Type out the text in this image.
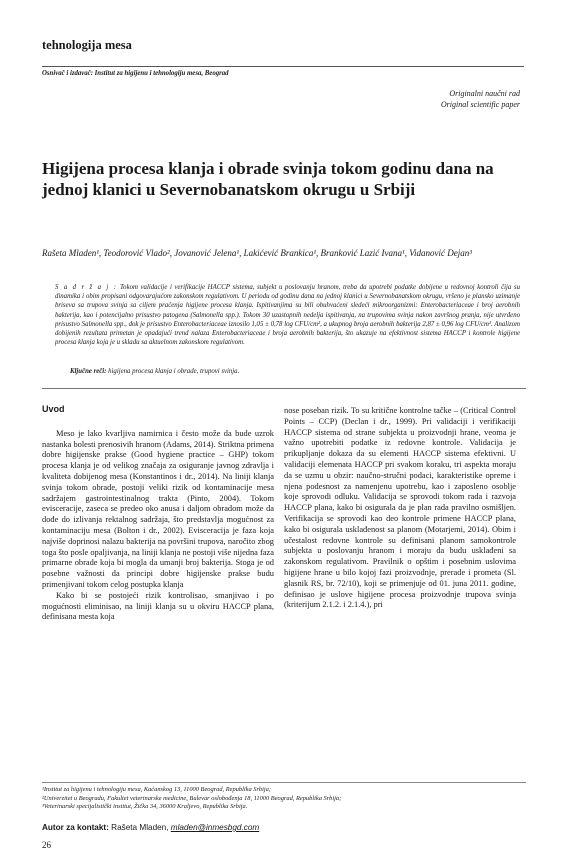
tehnologija mesa
Osnivač i izdavač: Institut za higijenu i tehnologiju mesa, Beograd
Originalni naučni rad
Original scientific paper
Higijena procesa klanja i obrade svinja tokom godinu dana na jednoj klanici u Severnobanatskom okrugu u Srbiji
Rašeta Mladen¹, Teodorović Vlado², Jovanović Jelena¹, Lakićević Brankica¹, Branković Lazić Ivana¹, Vidanović Dejan³
S a d r ž a j : Tokom validacije i verifikacije HACCP sistema, subjekt u poslovanju hranom, treba da upotrebi podatke dobijene u redovnoj kontroli čija su dinamika i obim propisani odgovarajućom zakonskom regulativom. U periodu od godinu dana na jednoj klanici u Severnobanatskom okrugu, vršeno je plansko uzimanje briseva sa trupova svinja sa ciljem praćenja higijene procesa klanja. Ispitivanjima su bili obuhvaćeni sledeći mikroorganizmi: Enterobacteriaceae i broj aerobnih bakterija, kao i potencijalno prisustvo patogena (Salmonella spp.). Tokom 30 uzastopnih nedelja ispitivanja, na trupovima svinja nakon završnog pranja, nije utvrđeno prisustvo Salmonella spp., dok je prisustvo Enterobacteriaceae iznosilo 1,05 ± 0,78 log CFU/cm², a ukupnog broja aerobnih bakterija 2,87 ± 0,96 log CFU/cm². Analizom dobijenih rezultata primetan je opadajući trend nalaza Enterobacteriaceae i broja aerobnih bakterija, što ukazuje na efektivnost sistema HACCP i kontrole higijene procesa klanja koja je u skladu sa aktuelnom zakonskom regulativom.
Ključne reči: higijena procesa klanja i obrade, trupovi svinja.
Uvod

Meso je lako kvarljiva namirnica i često može da bude uzrok nastanka bolesti prenosivih hranom (Adams, 2014). Striktna primena dobre higijenske prakse (Good hygiene practice – GHP) tokom procesa klanja je od velikog značaja za osiguranje javnog zdravlja i kvaliteta dobijenog mesa (Konstantinos i dr., 2014). Na liniji klanja svinja tokom obrade, postoji veliki rizik od kontaminacije mesa sadržajem gastrointestinalnog trakta (Pinto, 2004). Tokom evisceracije, zaseca se predeo oko anusa i daljom obradom može da dođe do izlivanja rektalnog sadržaja, što predstavlja mogućnost za kontaminaciju mesa (Bolton i dr., 2002). Evisceracija je faza koja najviše doprinosi nalazu bakterija na površini trupova, naročito zbog toga što posle opaljivanja, na liniji klanja ne postoji više nijedna faza primarne obrade koja bi mogla da umanji broj bakterija. Stoga je od posebne važnosti da principi dobre higijenske prakse budu primenjivani tokom celog postupka klanja

Kako bi se postojeći rizik kontrolisao, smanjivao i po mogućnosti eliminisao, na liniji klanja su u okviru HACCP plana, definisana mesta koja

nose poseban rizik. To su kritične kontrolne tačke – (Critical Control Points – CCP) (Declan i dr., 1999). Pri validaciji i verifikaciji HACCP sistema od strane subjekta u proizvodnji hrane, veoma je važno upotrebiti podatke iz redovne kontrole. Validacija je prikupljanje dokaza da su elementi HACCP sistema efektivni. U validaciji elemenata HACCP pri svakom koraku, tri aspekta moraju da se uzmu u obzir: naučno-stručni podaci, karakteristike opreme i njena podesnost za namenjenu upotrebu, kao i zaposleno osoblje koje sprovodi odluku. Validacija se sprovodi tokom rada i razvoja HACCP plana, kako bi osigurala da je plan rada pravilno osmišljen. Verifikacija se sprovodi kao deo kontrole primene HACCP plana, kako bi osigurala usklađenost sa planom (Motarjemi, 2014). Obim i učestalost redovne kontrole su definisani planom samokontrole subjekta u poslovanju hranom i moraju da budu usklađeni sa zakonskom regulativom. Pravilnik o opštim i posebnim uslovima higijene hrane u bilo kojoj fazi proizvodnje, prerade i prometa (Sl. glasnik RS, br. 72/10), koji se primenjuje od 01. juna 2011. godine, definisao je uslove higijene procesa proizvodnje trupova svinja (kriterijum 2.1.2. i 2.1.4.), pri

¹Institut za higijenu i tehnologiju mesa, Kaćanskog 13, 11000 Beograd, Republika Srbija;
²Univerzitet u Beogradu, Fakultet veterinarske medicine, Bulevar oslobođenja 18, 11000 Beograd, Republika Srbija;
³Veterinarski specijalistički institut, Žička 34, 36000 Kraljevo, Republika Srbija.
Autor za kontakt: Rašeta Mladen, mladen@inmesbgd.com
26
